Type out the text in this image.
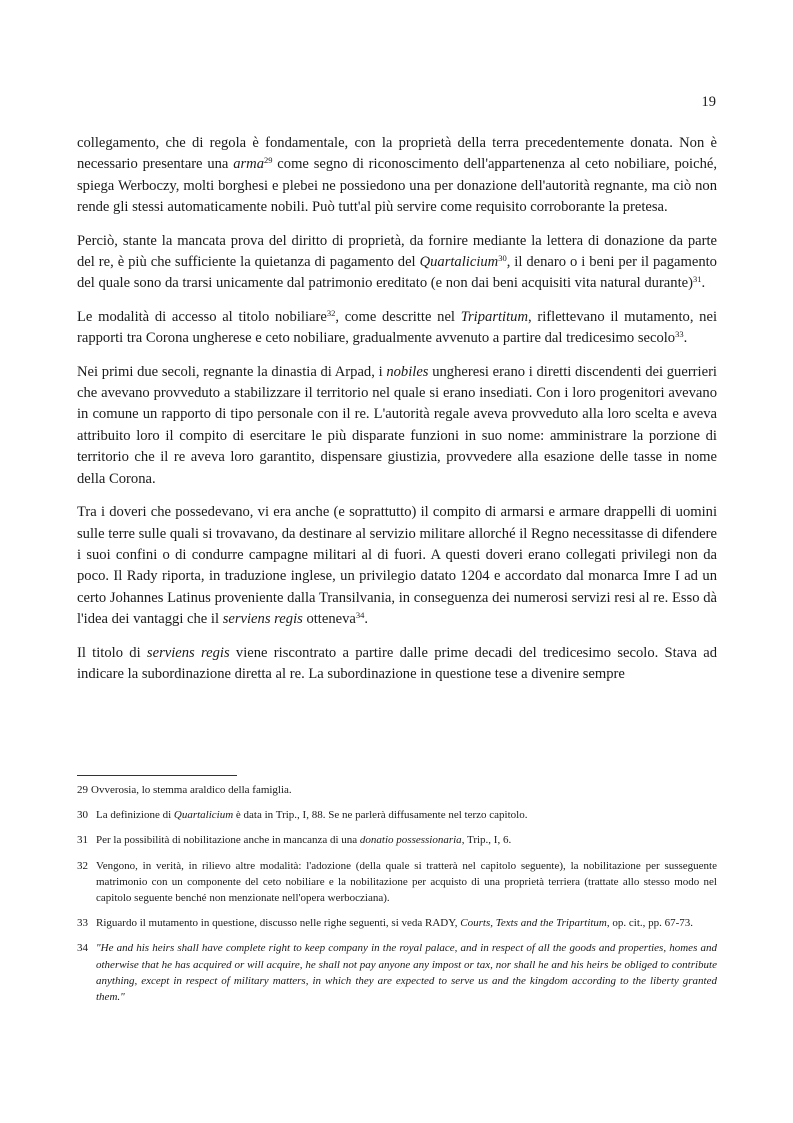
19

collegamento, che di regola è fondamentale, con la proprietà della terra precedentemente donata. Non è necessario presentare una arma$^{29}$ come segno di riconoscimento dell'appartenenza al ceto nobiliare, poiché, spiega Werboczy, molti borghesi e plebei ne possiedono una per donazione dell'autorità regnante, ma ciò non rende gli stessi automaticamente nobili. Può tutt'al più servire come requisito corroborante la pretesa.

Perciò, stante la mancata prova del diritto di proprietà, da fornire mediante la lettera di donazione da parte del re, è più che sufficiente la quietanza di pagamento del Quartalicium$^{30}$, il denaro o i beni per il pagamento del quale sono da trarsi unicamente dal patrimonio ereditato (e non dai beni acquisiti vita natural durante)$^{31}$.

Le modalità di accesso al titolo nobiliare$^{32}$, come descritte nel Tripartitum, riflettevano il mutamento, nei rapporti tra Corona ungherese e ceto nobiliare, gradualmente avvenuto a partire dal tredicesimo secolo$^{33}$.

Nei primi due secoli, regnante la dinastia di Arpad, i nobiles ungheresi erano i diretti discendenti dei guerrieri che avevano provveduto a stabilizzare il territorio nel quale si erano insediati. Con i loro progenitori avevano in comune un rapporto di tipo personale con il re. L'autorità regale aveva provveduto alla loro scelta e aveva attribuito loro il compito di esercitare le più disparate funzioni in suo nome: amministrare la porzione di territorio che il re aveva loro garantito, dispensare giustizia, provvedere alla esazione delle tasse in nome della Corona.

Tra i doveri che possedevano, vi era anche (e soprattutto) il compito di armarsi e armare drappelli di uomini sulle terre sulle quali si trovavano, da destinare al servizio militare allorché il Regno necessitasse di difendere i suoi confini o di condurre campagne militari al di fuori. A questi doveri erano collegati privilegi non da poco. Il Rady riporta, in traduzione inglese, un privilegio datato 1204 e accordato dal monarca Imre I ad un certo Johannes Latinus proveniente dalla Transilvania, in conseguenza dei numerosi servizi resi al re. Esso dà l'idea dei vantaggi che il serviens regis otteneva$^{34}$.

Il titolo di serviens regis viene riscontrato a partire dalle prime decadi del tredicesimo secolo. Stava ad indicare la subordinazione diretta al re. La subordinazione in questione tese a divenire sempre

29 Ovverosia, lo stemma araldico della famiglia.
30 La definizione di Quartalicium è data in Trip., I, 88. Se ne parlerà diffusamente nel terzo capitolo.
31 Per la possibilità di nobilitazione anche in mancanza di una donatio possessionaria, Trip., I, 6.
32 Vengono, in verità, in rilievo altre modalità: l'adozione (della quale si tratterà nel capitolo seguente), la nobilitazione per susseguente matrimonio con un componente del ceto nobiliare e la nobilitazione per acquisto di una proprietà terriera (trattate allo stesso modo nel capitolo seguente benché non menzionate nell'opera werbocziana).
33 Riguardo il mutamento in questione, discusso nelle righe seguenti, si veda RADY, Courts, Texts and the Tripartitum, op. cit., pp. 67-73.
34 "He and his heirs shall have complete right to keep company in the royal palace, and in respect of all the goods and properties, homes and otherwise that he has acquired or will acquire, he shall not pay anyone any impost or tax, nor shall he and his heirs be obliged to contribute anything, except in respect of military matters, in which they are expected to serve us and the kingdom according to the liberty granted them."
